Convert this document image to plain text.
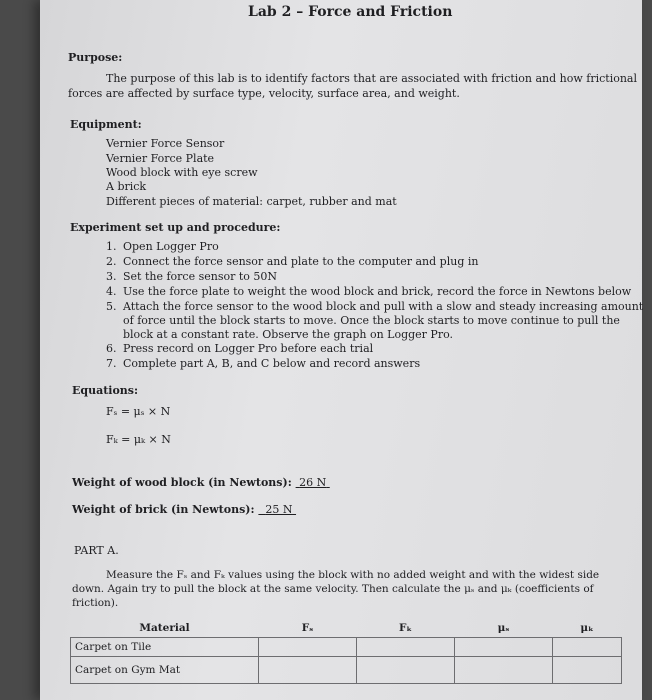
Lab 2 – Force and Friction
Purpose:
The purpose of this lab is to identify factors that are associated with friction and how frictional
forces are affected by surface type, velocity, surface area, and weight.
Equipment:
Vernier Force Sensor
Vernier Force Plate
Wood block with eye screw
A brick
Different pieces of material: carpet, rubber and mat
Experiment set up and procedure:
1. Open Logger Pro
2. Connect the force sensor and plate to the computer and plug in
3. Set the force sensor to 50N
4. Use the force plate to weight the wood block and brick, record the force in Newtons below
5. Attach the force sensor to the wood block and pull with a slow and steady increasing amount
of force until the block starts to move. Once the block starts to move continue to pull the
block at a constant rate. Observe the graph on Logger Pro.
6. Press record on Logger Pro before each trial
7. Complete part A, B, and C below and record answers
Equations:
Fₛ = μₛ × N
Fₖ = μₖ × N
Weight of wood block (in Newtons): 26 N
Weight of brick (in Newtons): 25 N
PART A.
Measure the Fₛ and Fₖ values using the block with no added weight and with the widest side
down. Again try to pull the block at the same velocity. Then calculate the μₛ and μₖ (coefficients of
friction).
Material	Fₛ	Fₖ	μₛ	μₖ
Carpet on Tile				
Carpet on Gym Mat				
